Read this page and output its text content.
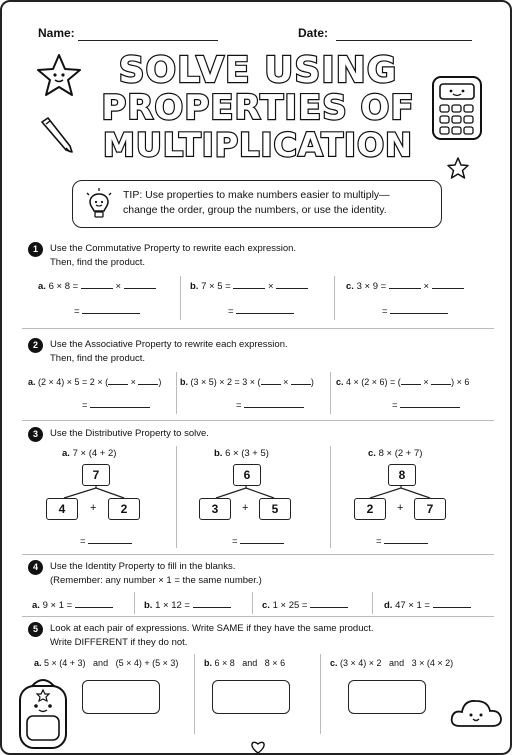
Name:	Date:
SOLVE USING
PROPERTIES OF
MULTIPLICATION
TIP: Use properties to make numbers easier to multiply—
change the order, group the numbers, or use the identity.
1	Use the Commutative Property to rewrite each expression.
Then, find the product.
a. 6 × 8 =	×
=
b. 7 × 5 =	×
=
c. 3 × 9 =	×
=
2	Use the Associative Property to rewrite each expression.
Then, find the product.
a. (2 × 4) × 5 = 2 × (	×	)
=
b. (3 × 5) × 2 = 3 × (	×	)
=
c. 4 × (2 × 6) = (	×	) × 6
=
3	Use the Distributive Property to solve.
a. 7 × (4 + 2)
7
4	+	2
=
b. 6 × (3 + 5)
6
3	+	5
=
c. 8 × (2 + 7)
8
2	+	7
=
4	Use the Identity Property to fill in the blanks.
(Remember: any number × 1 = the same number.)
a. 9 × 1 =	b. 1 × 12 =	c. 1 × 25 =	d. 47 × 1 =
5	Look at each pair of expressions. Write SAME if they have the same product.
Write DIFFERENT if they do not.
a. 5 × (4 + 3)   and   (5 × 4) + (5 × 3)	b. 6 × 8   and   8 × 6	c. (3 × 4) × 2   and   3 × (4 × 2)
